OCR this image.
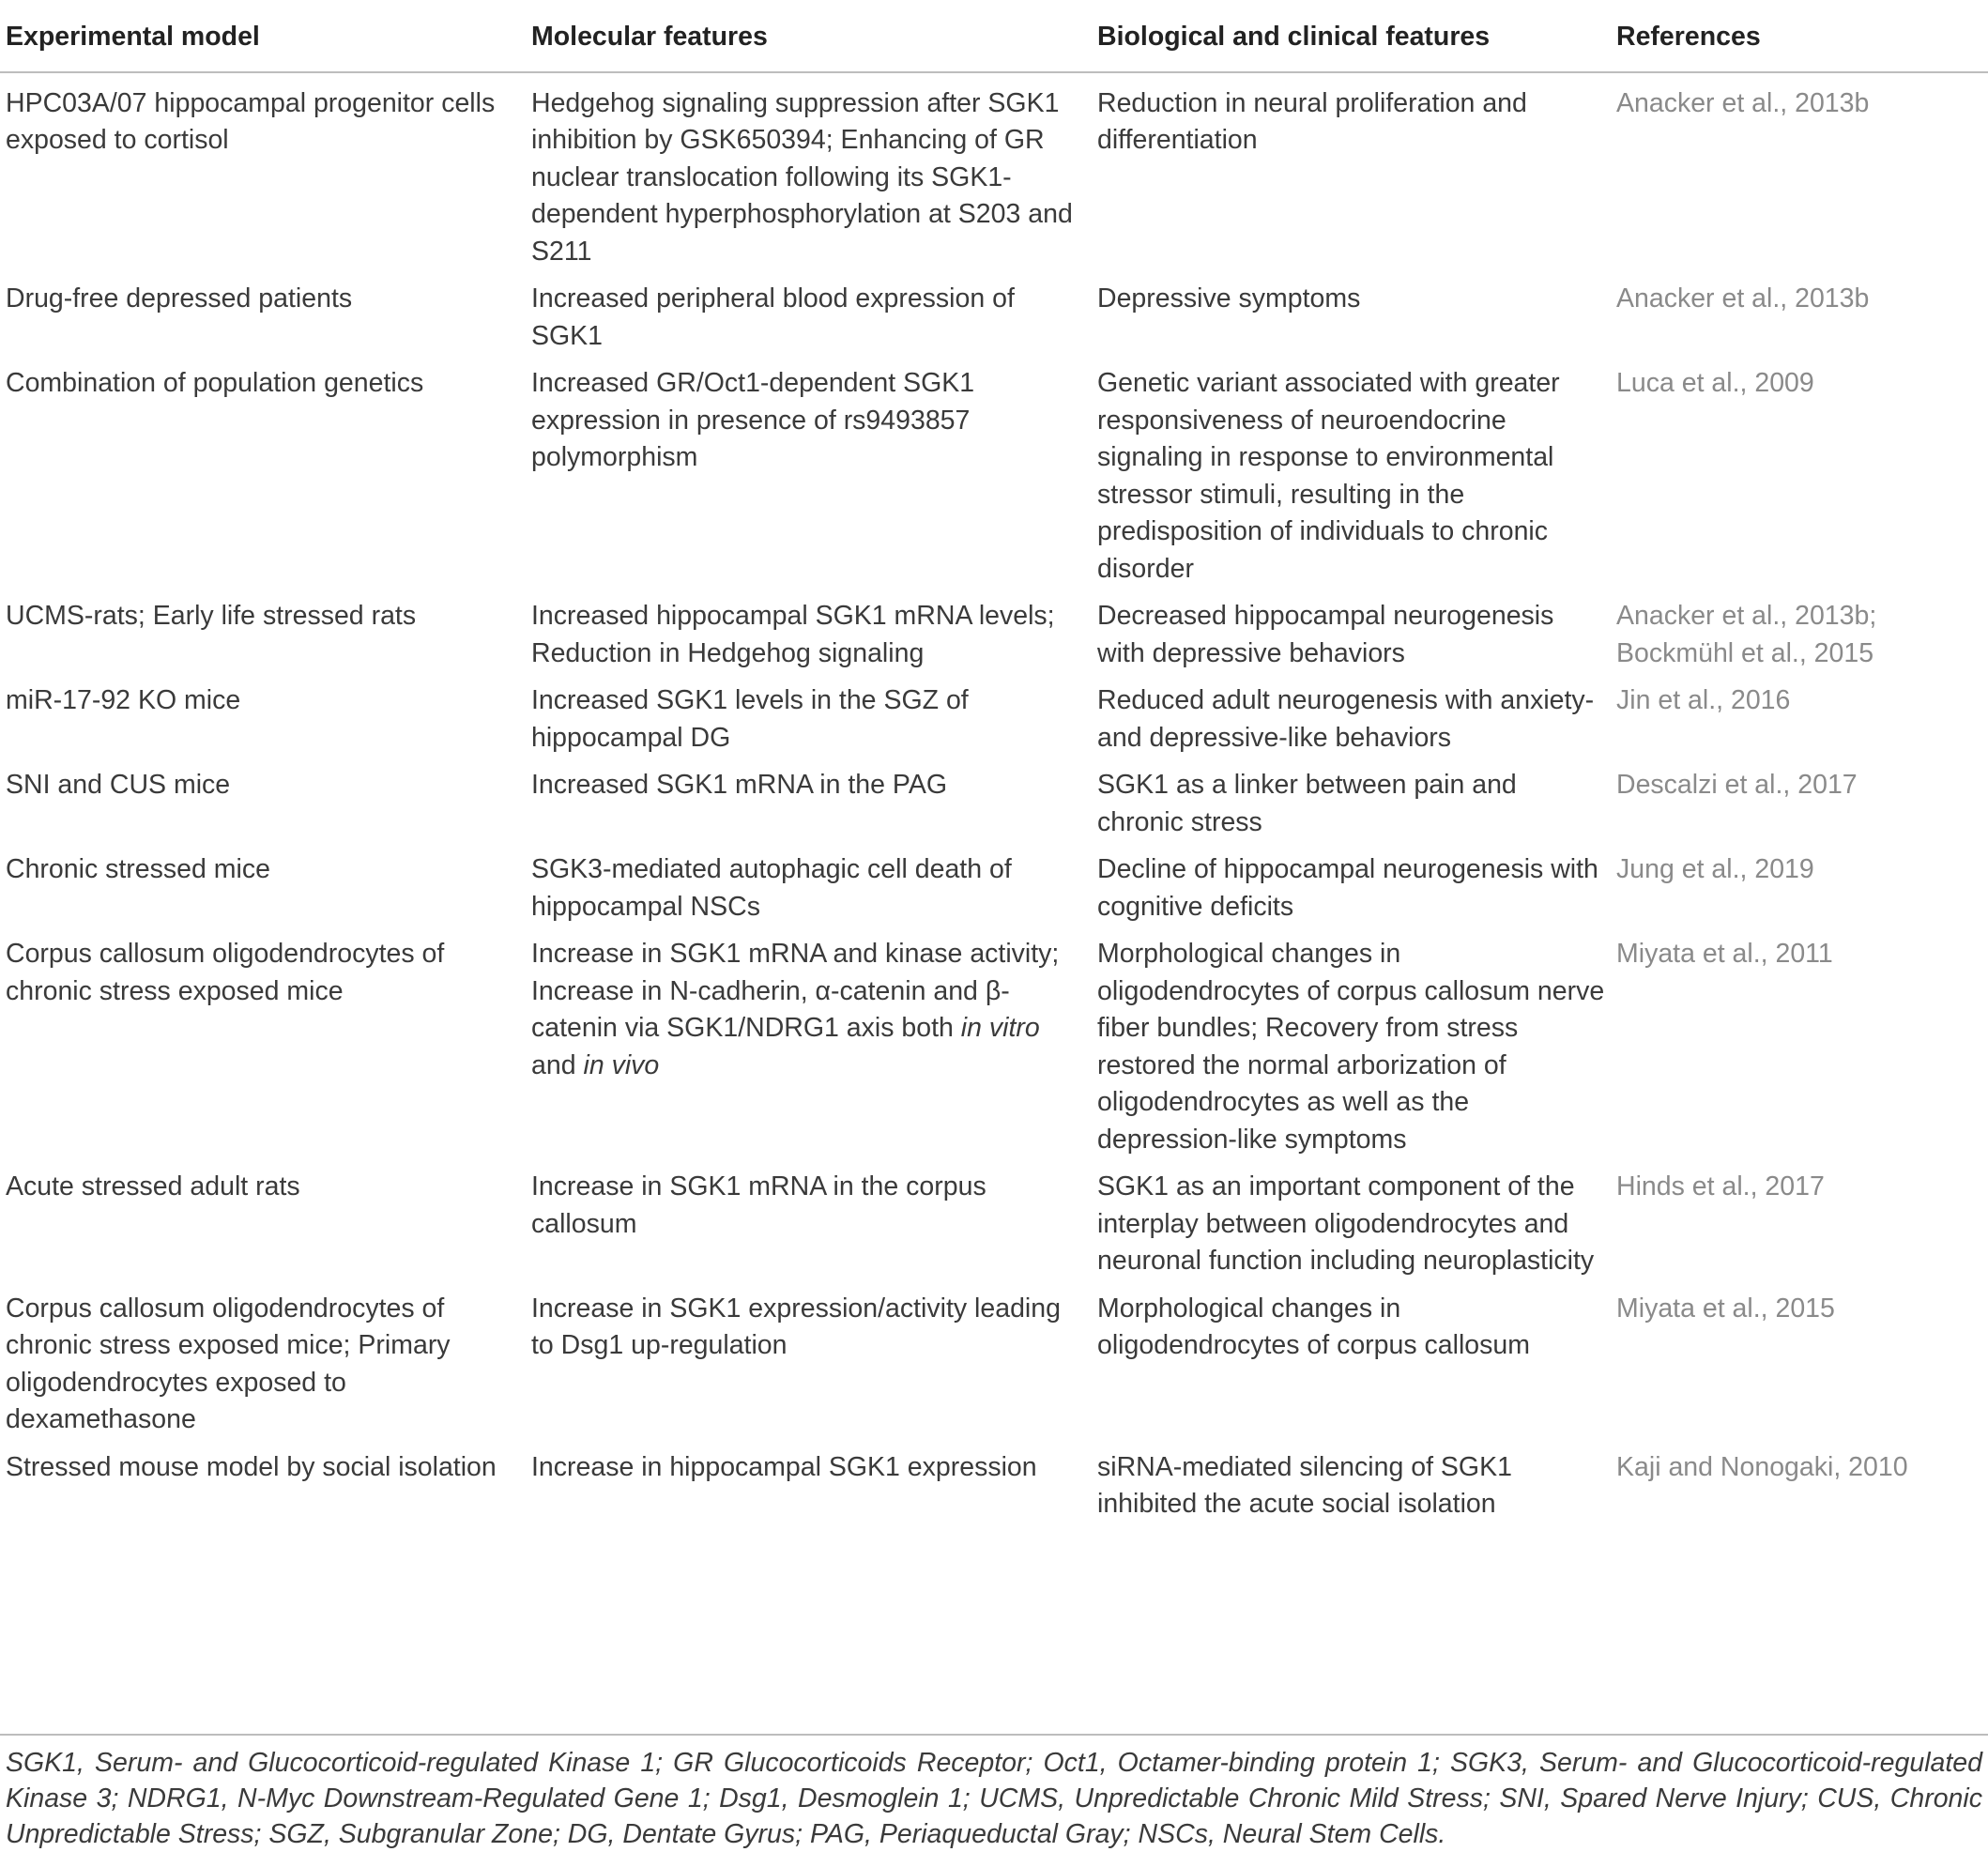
Experimental model	Molecular features	Biological and clinical features	References
HPC03A/07 hippocampal progenitor cells exposed to cortisol	Hedgehog signaling suppression after SGK1 inhibition by GSK650394; Enhancing of GR nuclear translocation following its SGK1-dependent hyperphosphorylation at S203 and S211	Reduction in neural proliferation and differentiation	Anacker et al., 2013b

Drug-free depressed patients	Increased peripheral blood expression of SGK1	Depressive symptoms	Anacker et al., 2013b

Combination of population genetics	Increased GR/Oct1-dependent SGK1 expression in presence of rs9493857 polymorphism	Genetic variant associated with greater responsiveness of neuroendocrine signaling in response to environmental stressor stimuli, resulting in the predisposition of individuals to chronic disorder	Luca et al., 2009

UCMS-rats; Early life stressed rats	Increased hippocampal SGK1 mRNA levels; Reduction in Hedgehog signaling	Decreased hippocampal neurogenesis with depressive behaviors	Anacker et al., 2013b;
Bockmühl et al., 2015

miR-17-92 KO mice	Increased SGK1 levels in the SGZ of hippocampal DG	Reduced adult neurogenesis with anxiety- and depressive-like behaviors	Jin et al., 2016

SNI and CUS mice	Increased SGK1 mRNA in the PAG	SGK1 as a linker between pain and chronic stress	Descalzi et al., 2017

Chronic stressed mice	SGK3-mediated autophagic cell death of hippocampal NSCs	Decline of hippocampal neurogenesis with cognitive deficits	Jung et al., 2019

Corpus callosum oligodendrocytes of chronic stress exposed mice	Increase in SGK1 mRNA and kinase activity; Increase in N-cadherin, α-catenin and β-catenin via SGK1/NDRG1 axis both in vitro and in vivo	Morphological changes in oligodendrocytes of corpus callosum nerve fiber bundles; Recovery from stress restored the normal arborization of oligodendrocytes as well as the depression-like symptoms	Miyata et al., 2011

Acute stressed adult rats	Increase in SGK1 mRNA in the corpus callosum	SGK1 as an important component of the interplay between oligodendrocytes and neuronal function including neuroplasticity	Hinds et al., 2017

Corpus callosum oligodendrocytes of chronic stress exposed mice; Primary oligodendrocytes exposed to dexamethasone	Increase in SGK1 expression/activity leading to Dsg1 up-regulation	Morphological changes in oligodendrocytes of corpus callosum	Miyata et al., 2015

Stressed mouse model by social isolation	Increase in hippocampal SGK1 expression	siRNA-mediated silencing of SGK1 inhibited the acute social isolation	Kaji and Nonogaki, 2010
SGK1, Serum- and Glucocorticoid-regulated Kinase 1; GR Glucocorticoids Receptor; Oct1, Octamer-binding protein 1; SGK3, Serum- and Glucocorticoid-regulated
Kinase 3; NDRG1, N-Myc Downstream-Regulated Gene 1; Dsg1, Desmoglein 1; UCMS, Unpredictable Chronic Mild Stress; SNI, Spared Nerve Injury; CUS, Chronic
Unpredictable Stress; SGZ, Subgranular Zone; DG, Dentate Gyrus; PAG, Periaqueductal Gray; NSCs, Neural Stem Cells.
